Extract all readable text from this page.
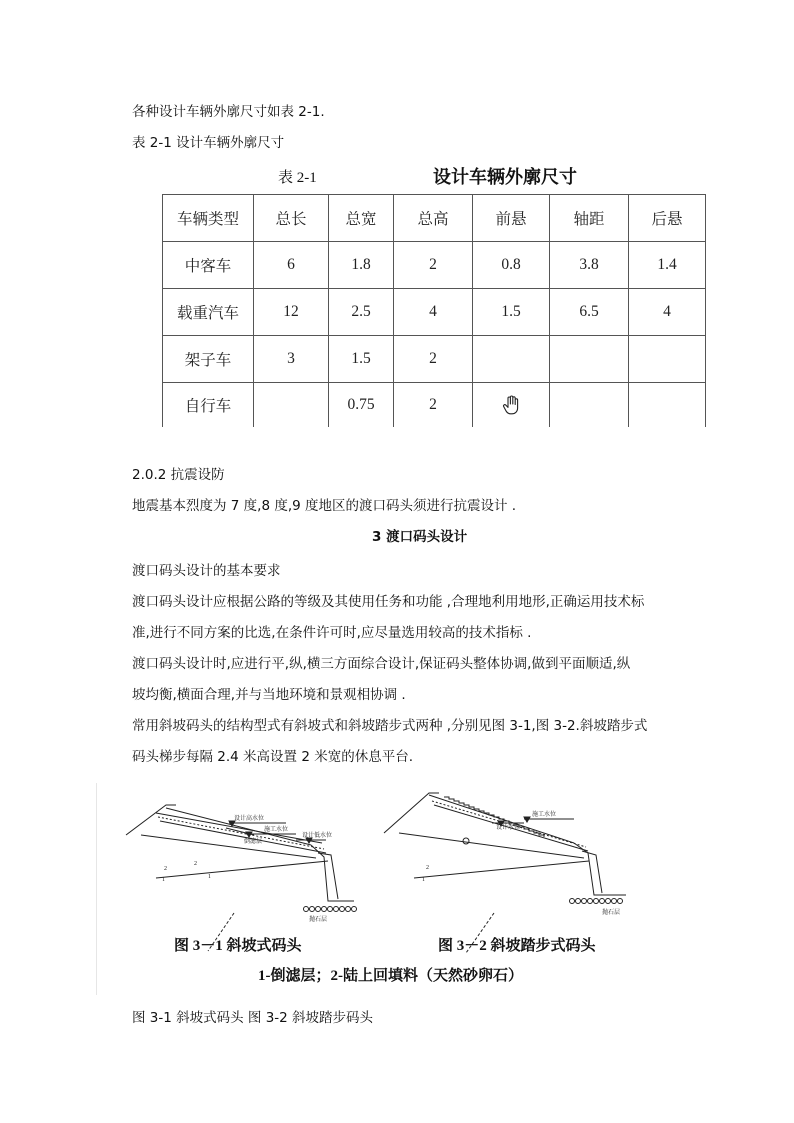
各种设计车辆外廓尺寸如表 2-1.
表 2-1 设计车辆外廓尺寸
表 2-1	设计车辆外廓尺寸
车辆类型	总长	总宽	总高	前悬	轴距	后悬
中客车	6	1.8	2	0.8	3.8	1.4
载重汽车	12	2.5	4	1.5	6.5	4
架子车	3	1.5	2			
自行车		0.75	2			
2.0.2 抗震设防
地震基本烈度为 7 度,8 度,9 度地区的渡口码头须进行抗震设计 .
3 渡口码头设计
渡口码头设计的基本要求
渡口码头设计应根据公路的等级及其使用任务和功能 ,合理地利用地形,正确运用技术标
准,进行不同方案的比选,在条件许可时,应尽量选用较高的技术指标 .
渡口码头设计时,应进行平,纵,横三方面综合设计,保证码头整体协调,做到平面顺适,纵
坡均衡,横面合理,并与当地环境和景观相协调 .
常用斜坡码头的结构型式有斜坡式和斜坡踏步式两种 ,分别见图 3-1,图 3-2.斜坡踏步式
码头梯步每隔 2.4 米高设置 2 米宽的休息平台.
设计高水位
施工水位
倒滤层
设计低水位
1
2
1
2
施工水位
设计水位
1
2
抛石层
抛石层
图 3－1 斜坡式码头	图 3－2 斜坡踏步式码头
1-倒滤层；2-陆上回填料（天然砂卵石）
图 3-1 斜坡式码头 图 3-2 斜坡踏步码头
